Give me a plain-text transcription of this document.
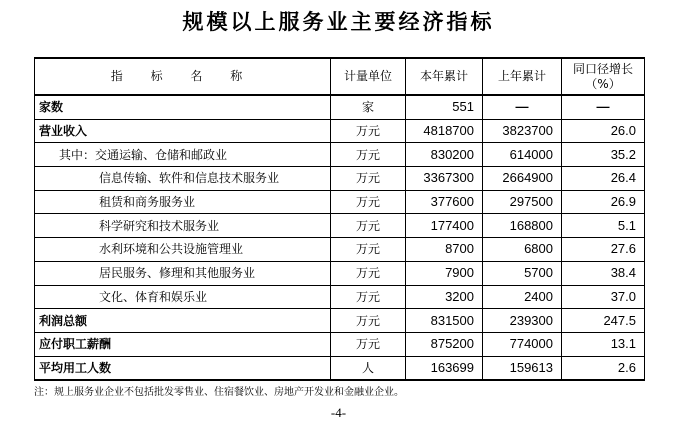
规模以上服务业主要经济指标
指 标 名 称	计量单位	本年累计	上年累计	同口径增长
（%）

家数	家	551	—	—
营业收入	万元	4818700	3823700	26.0
其中：交通运输、仓储和邮政业	万元	830200	614000	35.2
信息传输、软件和信息技术服务业	万元	3367300	2664900	26.4
租赁和商务服务业	万元	377600	297500	26.9
科学研究和技术服务业	万元	177400	168800	5.1
水利环境和公共设施管理业	万元	8700	6800	27.6
居民服务、修理和其他服务业	万元	7900	5700	38.4
文化、体育和娱乐业	万元	3200	2400	37.0
利润总额	万元	831500	239300	247.5
应付职工薪酬	万元	875200	774000	13.1
平均用工人数	人	163699	159613	2.6
注：规上服务业企业不包括批发零售业、住宿餐饮业、房地产开发业和金融业企业。
-4-
